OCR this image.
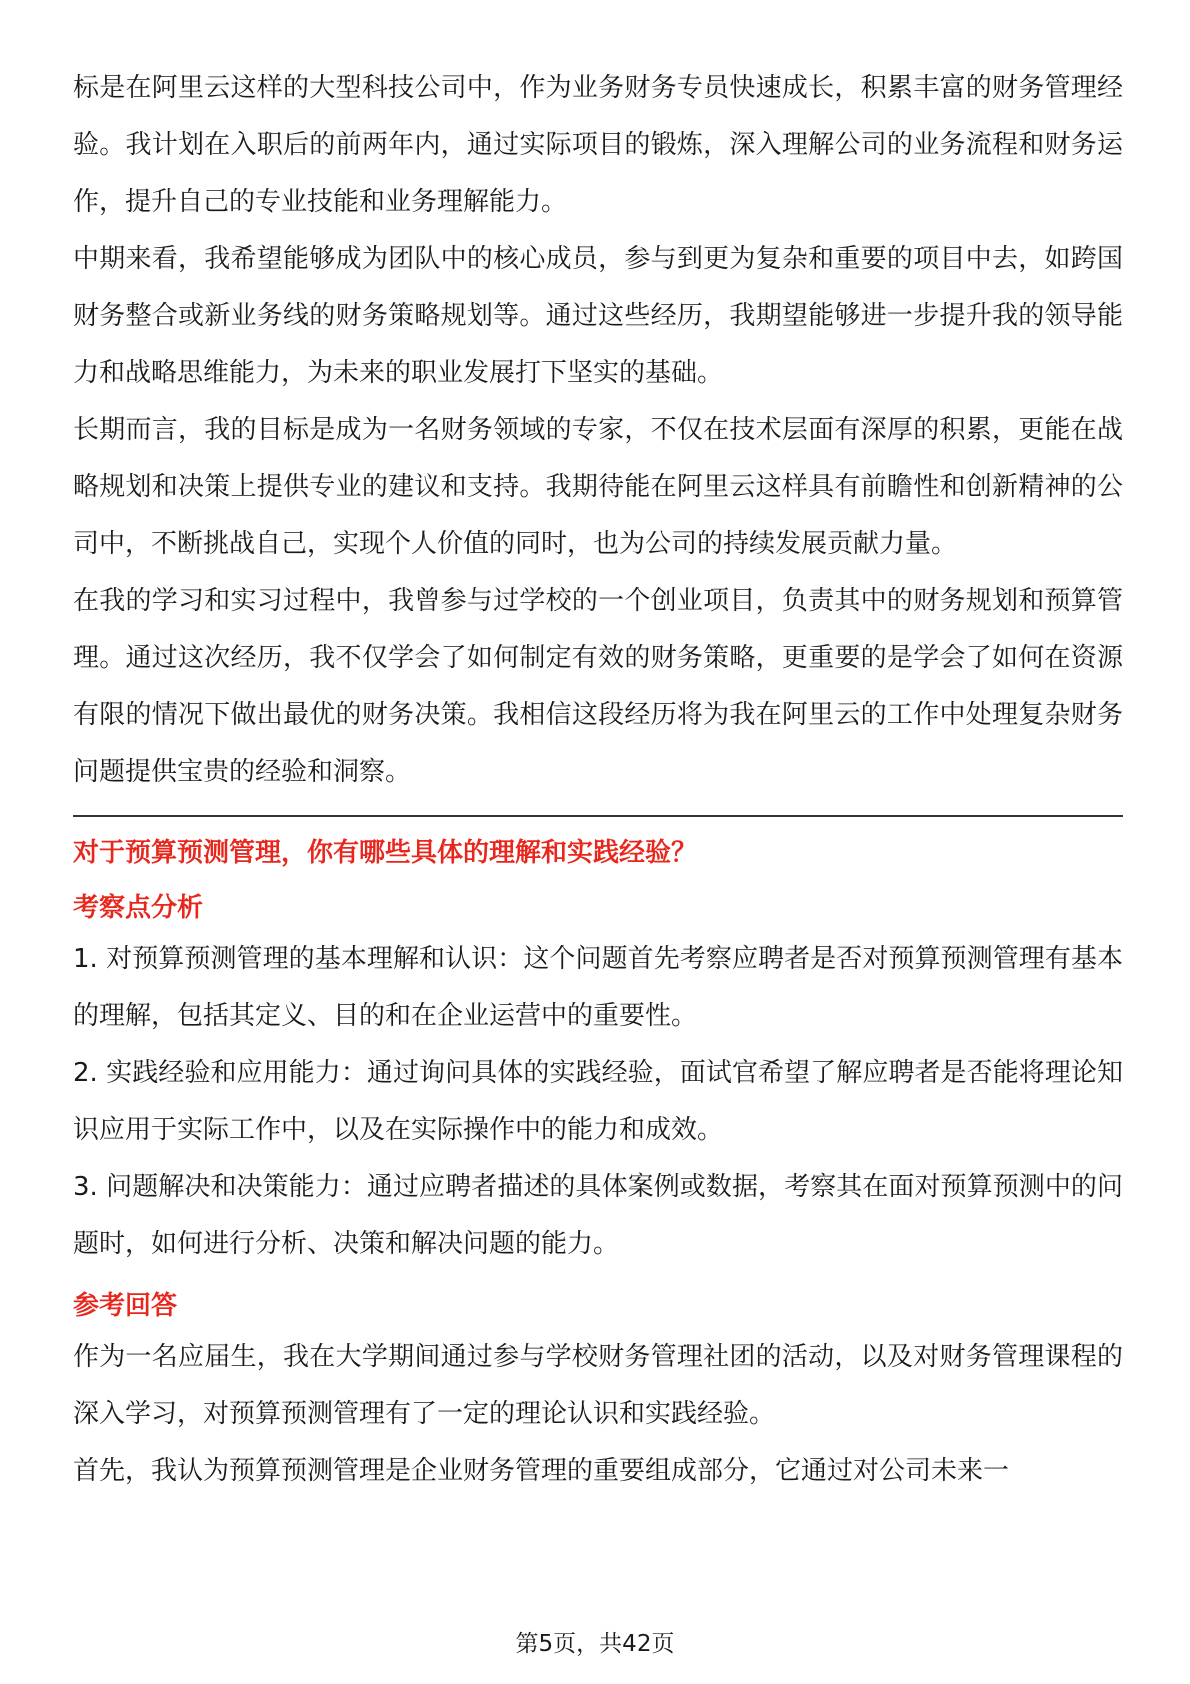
标是在阿里云这样的大型科技公司中，作为业务财务专员快速成长，积累丰富的财务管理经验。我计划在入职后的前两年内，通过实际项目的锻炼，深入理解公司的业务流程和财务运作，提升自己的专业技能和业务理解能力。

中期来看，我希望能够成为团队中的核心成员，参与到更为复杂和重要的项目中去，如跨国财务整合或新业务线的财务策略规划等。通过这些经历，我期望能够进一步提升我的领导能力和战略思维能力，为未来的职业发展打下坚实的基础。

长期而言，我的目标是成为一名财务领域的专家，不仅在技术层面有深厚的积累，更能在战略规划和决策上提供专业的建议和支持。我期待能在阿里云这样具有前瞻性和创新精神的公司中，不断挑战自己，实现个人价值的同时，也为公司的持续发展贡献力量。

在我的学习和实习过程中，我曾参与过学校的一个创业项目，负责其中的财务规划和预算管理。通过这次经历，我不仅学会了如何制定有效的财务策略，更重要的是学会了如何在资源有限的情况下做出最优的财务决策。我相信这段经历将为我在阿里云的工作中处理复杂财务问题提供宝贵的经验和洞察。

对于预算预测管理，你有哪些具体的理解和实践经验？

考察点分析

1. 对预算预测管理的基本理解和认识：这个问题首先考察应聘者是否对预算预测管理有基本的理解，包括其定义、目的和在企业运营中的重要性。

2. 实践经验和应用能力：通过询问具体的实践经验，面试官希望了解应聘者是否能将理论知识应用于实际工作中，以及在实际操作中的能力和成效。

3. 问题解决和决策能力：通过应聘者描述的具体案例或数据，考察其在面对预算预测中的问题时，如何进行分析、决策和解决问题的能力。

参考回答

作为一名应届生，我在大学期间通过参与学校财务管理社团的活动，以及对财务管理课程的深入学习，对预算预测管理有了一定的理论认识和实践经验。

首先，我认为预算预测管理是企业财务管理的重要组成部分，它通过对公司未来一

第5页，共42页
